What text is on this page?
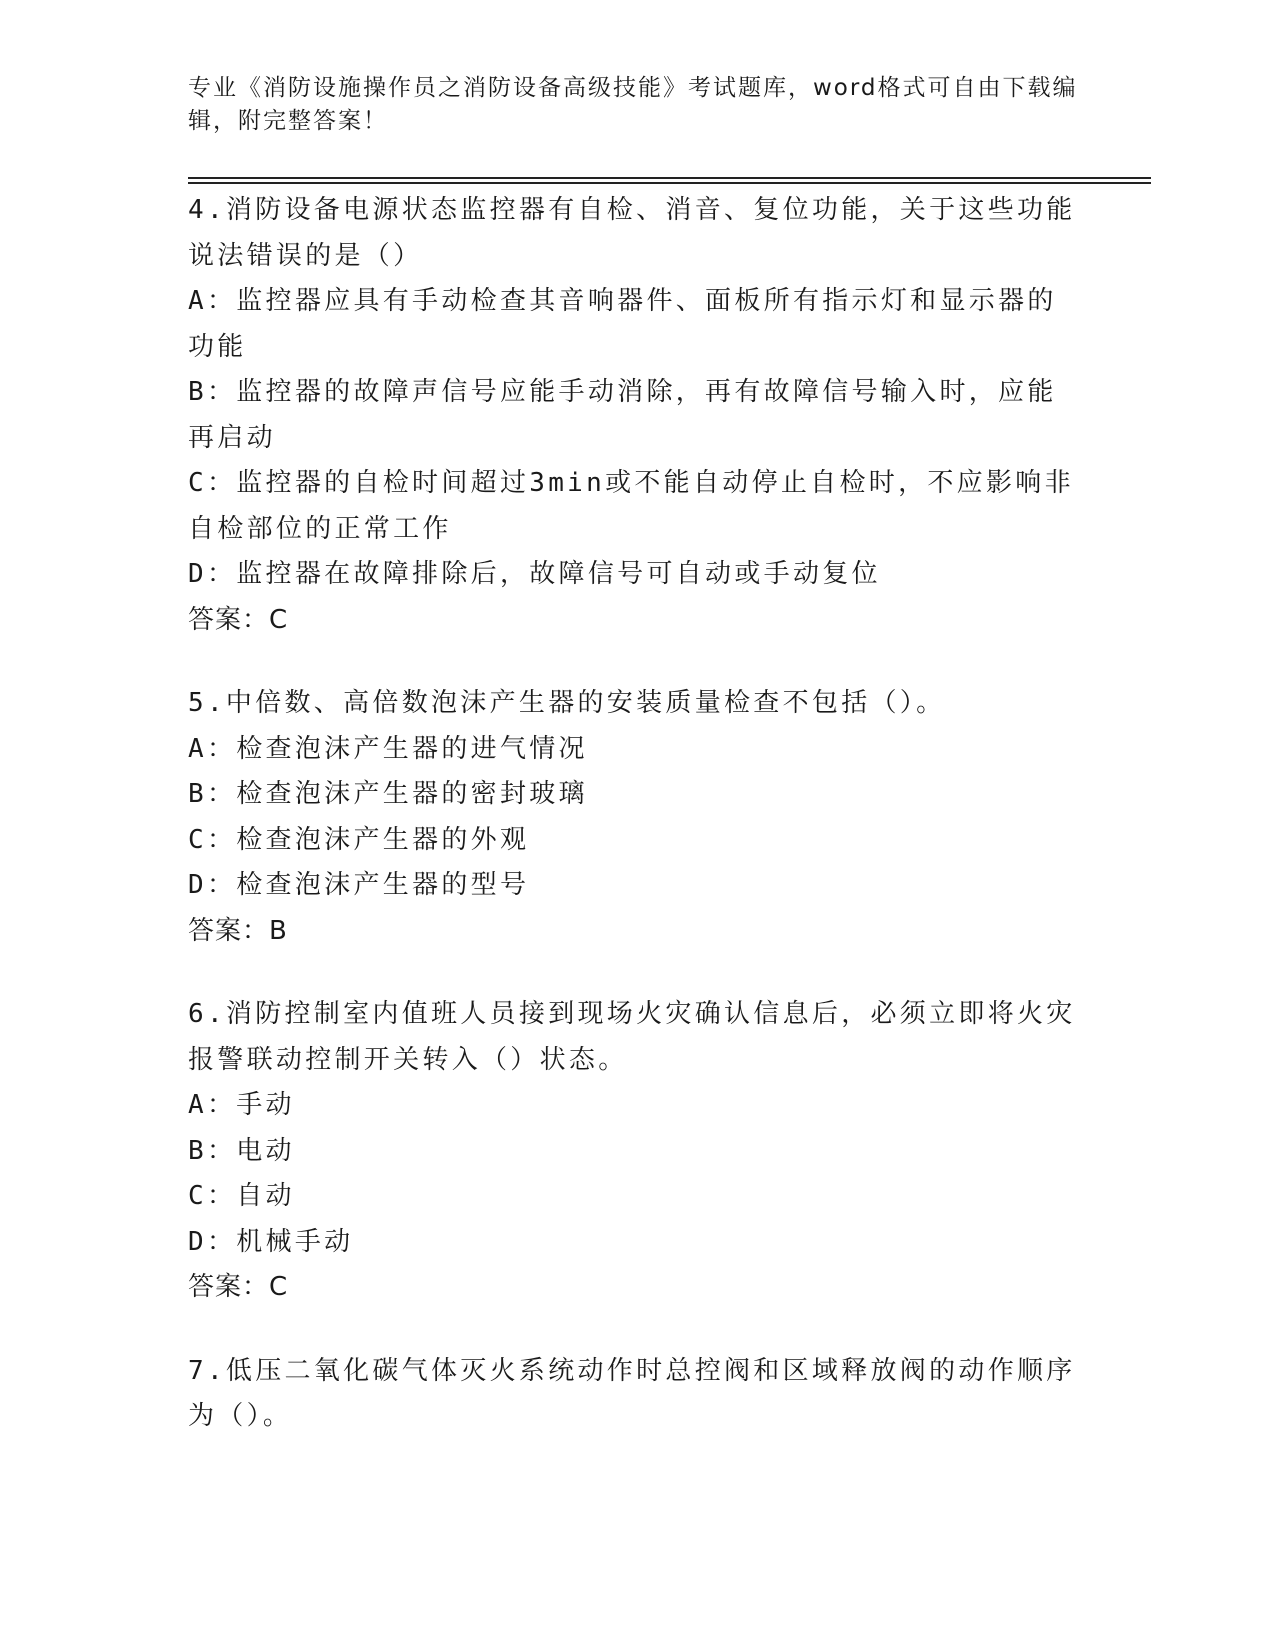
专业《消防设施操作员之消防设备高级技能》考试题库，word格式可自由下载编辑，附完整答案！
4.消防设备电源状态监控器有自检、消音、复位功能，关于这些功能说法错误的是（）
A：监控器应具有手动检查其音响器件、面板所有指示灯和显示器的功能
B：监控器的故障声信号应能手动消除，再有故障信号输入时，应能再启动
C：监控器的自检时间超过3min或不能自动停止自检时，不应影响非自检部位的正常工作
D：监控器在故障排除后，故障信号可自动或手动复位
答案：C
5.中倍数、高倍数泡沫产生器的安装质量检查不包括（）。
A：检查泡沫产生器的进气情况
B：检查泡沫产生器的密封玻璃
C：检查泡沫产生器的外观
D：检查泡沫产生器的型号
答案：B
6.消防控制室内值班人员接到现场火灾确认信息后，必须立即将火灾报警联动控制开关转入（）状态。
A：手动
B：电动
C：自动
D：机械手动
答案：C
7.低压二氧化碳气体灭火系统动作时总控阀和区域释放阀的动作顺序为（）。
